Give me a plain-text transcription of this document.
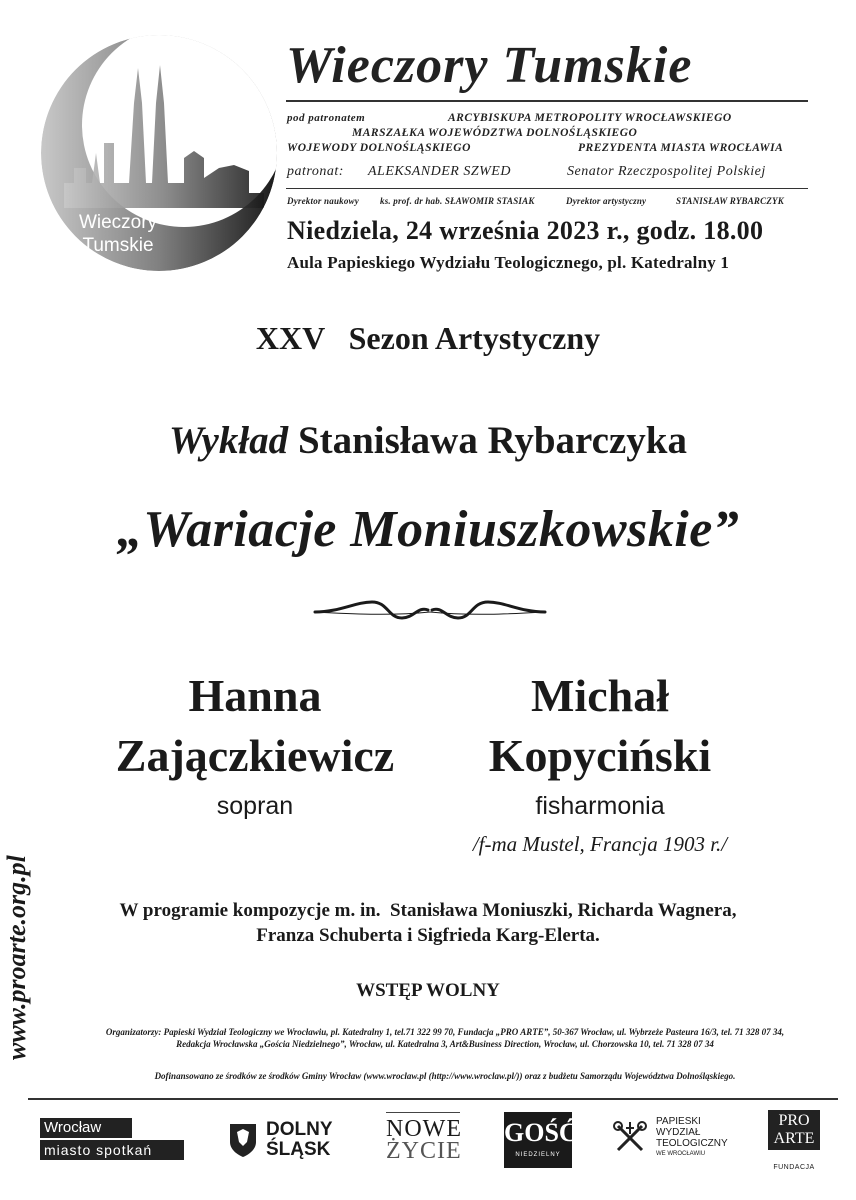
Wieczory
Tumskie
Wieczory Tumskie
pod patronatem	ARCYBISKUPA METROPOLITY WROCŁAWSKIEGO
MARSZAŁKA WOJEWÓDZTWA DOLNOŚLĄSKIEGO
WOJEWODY DOLNOŚLĄSKIEGO	PREZYDENTA MIASTA WROCŁAWIA
patronat: ALEKSANDER SZWED	Senator Rzeczpospolitej Polskiej
Dyrektor naukowy ks. prof. dr hab. SŁAWOMIR STASIAK	Dyrektor artystyczny	STANISŁAW RYBARCZYK
Niedziela, 24 września 2023 r., godz. 18.00
Aula Papieskiego Wydziału Teologicznego, pl. Katedralny 1
XXV   Sezon Artystyczny
Wykład Stanisława Rybarczyka
„Wariacje Moniuszkowskie”
Hanna
Zajączkiewicz
sopran
Michał
Kopyciński
fisharmonia
/f-ma Mustel, Francja 1903 r./
W programie kompozycje m. in.  Stanisława Moniuszki, Richarda Wagnera,
Franza Schuberta i Sigfrieda Karg-Elerta.
WSTĘP WOLNY
Organizatorzy: Papieski Wydział Teologiczny we Wrocławiu, pl. Katedralny 1, tel.71 322 99 70, Fundacja „PRO ARTE”, 50-367 Wrocław, ul. Wybrzeże Pasteura 16/3, tel. 71 328 07 34,
Redakcja Wrocławska „Gościa Niedzielnego”, Wrocław, ul. Katedralna 3, Art&Business Direction, Wrocław, ul. Chorzowska 10, tel. 71 328 07 34
Dofinansowano ze środków ze środków Gminy Wrocław (www.wroclaw.pl (http://www.wroclaw.pl/)) oraz z budżetu Samorządu Województwa Dolnośląskiego.
www.proarte.org.pl
Wrocław
miasto spotkań
DOLNY
ŚLĄSK
NOWE
ŻYCIE
GOŚĆ
NIEDZIELNY
PAPIESKI
WYDZIAŁ
TEOLOGICZNY
WE WROCŁAWIU
PRO
ARTE
FUNDACJA
